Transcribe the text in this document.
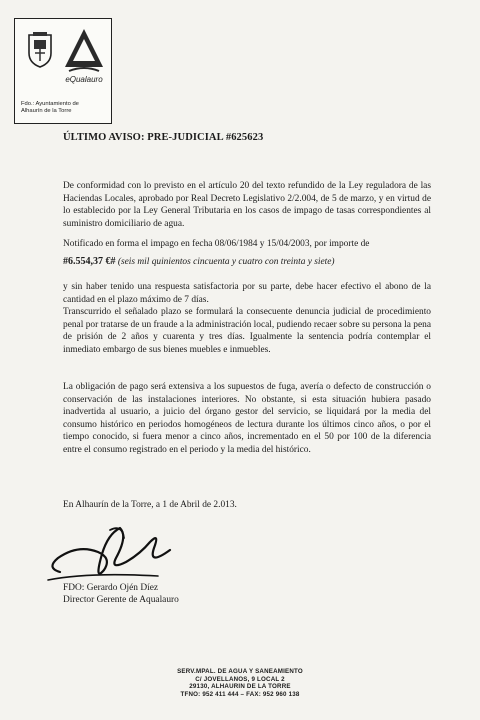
eQualauro
Fdo.: Ayuntamiento de
Alhaurín de la Torre
ÚLTIMO AVISO: PRE-JUDICIAL #625623
De conformidad con lo previsto en el artículo 20 del texto refundido de la Ley reguladora de las Haciendas Locales, aprobado por Real Decreto Legislativo 2/2.004, de 5 de marzo, y en virtud de lo establecido por la Ley General Tributaria en los casos de impago de tasas correspondientes al suministro domiciliario de agua.
Notificado en forma el impago en fecha 08/06/1984 y 15/04/2003, por importe de
#6.554,37 €# (seis mil quinientos cincuenta y cuatro con treinta y siete)
y sin haber tenido una respuesta satisfactoria por su parte, debe hacer efectivo el abono de la cantidad en el plazo máximo de 7 días.
Transcurrido el señalado plazo se formulará la consecuente denuncia judicial de procedimiento penal por tratarse de un fraude a la administración local, pudiendo recaer sobre su persona la pena de prisión de 2 años y cuarenta y tres días. Igualmente la sentencia podría contemplar el inmediato embargo de sus bienes muebles e inmuebles.
La obligación de pago será extensiva a los supuestos de fuga, avería o defecto de construcción o conservación de las instalaciones interiores. No obstante, si esta situación hubiera pasado inadvertida al usuario, a juicio del órgano gestor del servicio, se liquidará por la media del consumo histórico en periodos homogéneos de lectura durante los últimos cinco años, o por el tiempo conocido, si fuera menor a cinco años, incrementado en el 50 por 100 de la diferencia entre el consumo registrado en el periodo y la media del histórico.
En Alhaurín de la Torre, a 1 de Abril de 2.013.
FDO: Gerardo Ojén Díez
Director Gerente de Aqualauro
SERV.MPAL. DE AGUA Y SANEAMIENTO
C/ JOVELLANOS, 9 LOCAL 2
29130, ALHAURIN DE LA TORRE
TFNO: 952 411 444 – FAX: 952 960 138
